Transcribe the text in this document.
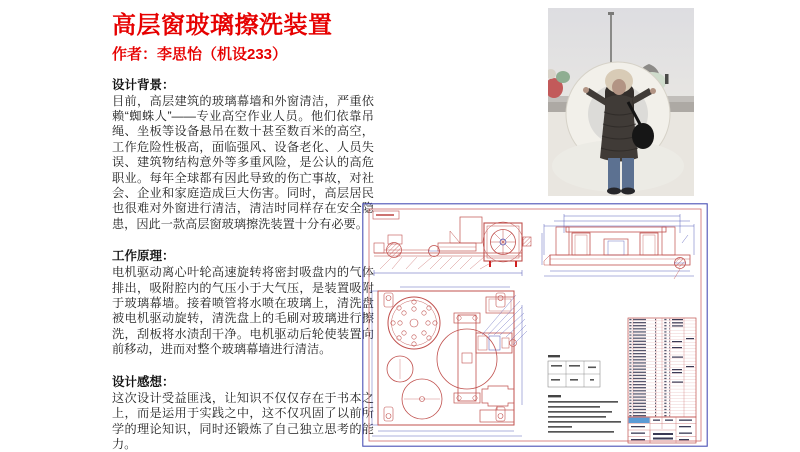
高层窗玻璃擦洗装置
作者：李思怡（机设233）
设计背景：
目前，高层建筑的玻璃幕墙和外窗清洁，严重依赖“蜘蛛人”——专业高空作业人员。他们依靠吊绳、坐板等设备悬吊在数十甚至数百米的高空，工作危险性极高，面临强风、设备老化、人员失误、建筑物结构意外等多重风险，是公认的高危职业。每年全球都有因此导致的伤亡事故，对社会、企业和家庭造成巨大伤害。同时，高层居民也很难对外窗进行清洁，清洁时同样存在安全隐患，因此一款高层窗玻璃擦洗装置十分有必要。
工作原理：
电机驱动离心叶轮高速旋转将密封吸盘内的气体排出，吸附腔内的气压小于大气压，是装置吸附于玻璃幕墙。接着喷管将水喷在玻璃上，清洗盘被电机驱动旋转，清洗盘上的毛刷对玻璃进行擦洗，刮板将水渍刮干净。电机驱动后轮使装置向前移动，进而对整个玻璃幕墙进行清洁。
设计感想：
这次设计受益匪浅，让知识不仅仅存在于书本之上，而是运用于实践之中，这不仅巩固了以前所学的理论知识，同时还锻炼了自己独立思考的能力。
